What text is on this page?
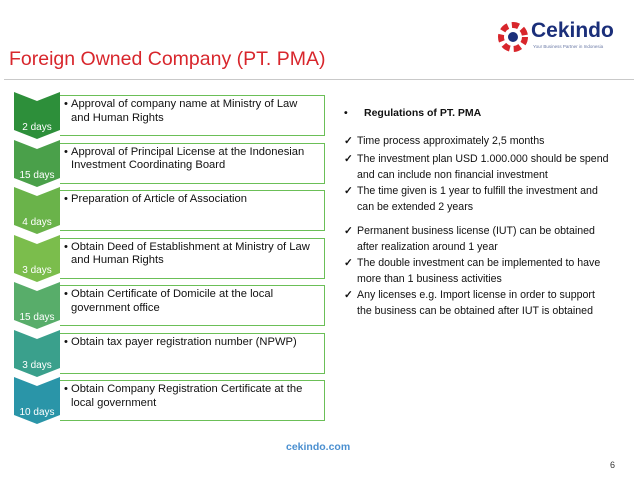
Foreign Owned Company (PT. PMA)
Cekindo
Your Business Partner in Indonesia
2 days
• Approval of company name at Ministry of Law and Human Rights
15 days
• Approval of Principal License at the Indonesian Investment Coordinating Board
4 days
• Preparation of Article of Association
3 days
• Obtain Deed of Establishment at Ministry of Law and Human Rights
15 days
• Obtain Certificate of Domicile at the local government office
3 days
• Obtain tax payer registration number (NPWP)
10 days
• Obtain Company Registration Certificate at the local government
• Regulations of PT. PMA
✓ Time process approximately 2,5 months
✓ The investment plan USD 1.000.000 should be spend and can include non financial investment
✓ The time given is 1 year to fulfill the investment and can be extended 2 years
✓ Permanent business license (IUT) can be obtained after realization around 1 year
✓ The double investment can be implemented to have more than 1 business activities
✓ Any licenses e.g. Import license in order to support the business can be obtained after IUT is obtained
cekindo.com
6
